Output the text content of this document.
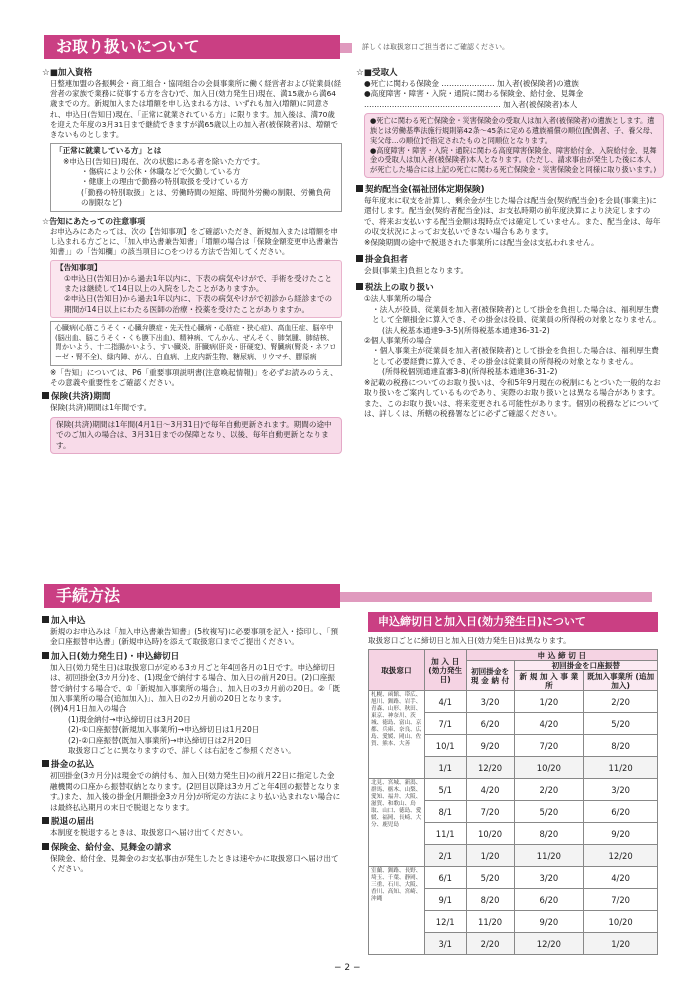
お取り扱いについて	詳しくは取扱窓口ご担当者にご確認ください。
☆ ■加入資格

日整連加盟の各振興会・商工組合・協同組合の会員事業所に働く経営者および従業員(経営者の家族で業務に従事する方を含む)で、加入日(効力発生日)現在、満15歳から満64歳までの方。新規加入または増額を申し込まれる方は、いずれも加入(増額)に同意され、申込日(告知日)現在、「正常に就業されている方」に限ります。加入後は、満70歳を迎えた年度の3月31日まで継続できますが満65歳以上の加入者(被保険者)は、増額できないものとします。

「正常に就業している方」とは
※申込日(告知日)現在、次の状態にある者を除いた方です。
・傷病により公休・休職などで欠勤している方
・健康上の理由で勤務の特別取扱を受けている方
(「勤務の特別取扱」とは、労働時間の短縮、時間外労働の制限、労働負荷の制限など)
☆告知にあたっての注意事項

お申込みにあたっては、次の【告知事項】をご確認いただき、新規加入または増額を申し込まれる方ごとに、「加入申込書兼告知書」「増額の場合は「保険金額変更申込書兼告知書」」の「告知欄」の該当項目に○をつける方法で告知してください。

【告知事項】
①申込日(告知日)から過去1年以内に、下表の病気やけがで、手術を受けたことまたは継続して14日以上の入院をしたことがありますか。
②申込日(告知日)から過去1年以内に、下表の病気やけがで初診から経診までの期間が14日以上にわたる医師の治療・投薬を受けたことがありますか。
心臓病(心筋こうそく・心臓弁膜症・先天性心臓病・心筋症・狭心症)、高血圧症、脳卒中(脳出血、脳こうそく・くも膜下出血)、精神病、てんかん、ぜんそく、肺気腫、肺結核、胃かいよう、十二指腸かいよう、すい臓炎、肝臓病(肝炎・肝硬変)、腎臓病(腎炎・ネフローゼ・腎不全)、緑内障、がん、白血病、上皮内新生物、糖尿病、リウマチ、膠原病

※「告知」については、P6「重要事項説明書(注意喚起情報)」を必ずお読みのうえ、その意義や重要性をご確認ください。

保険(共済)期間

保険(共済)期間は1年間です。

保険(共済)期間は1年間(4月1日〜3月31日)で毎年自動更新されます。期間の途中でのご加入の場合は、3月31日までの保障となり、以後、毎年自動更新となります。
☆ ■受取人
●死亡に関わる保険金 ………………… 加入者(被保険者)の遺族
●高度障害・障害・入院・通院に関わる保険金、給付金、見舞金
……………………………………………… 加入者(被保険者)本人
●死亡に関わる死亡保険金・災害保険金の受取人は加入者(被保険者)の遺族とします。遺族とは労働基準法施行規則第42条〜45条に定める遺族補償の順位[配偶者、子、養父母、実父母…の順位]で指定されたものと同順位となります。
●高度障害・障害・入院・通院に関わる高度障害保険金、障害給付金、入院給付金、見舞金の受取人は加入者(被保険者)本人となります。(ただし、請求事由が発生した後に本人が死亡した場合には上記の死亡に関わる死亡保険金・災害保険金と同様に取り扱います。)
契約配当金(福祉団体定期保険)

毎年度末に収支を計算し、剰余金が生じた場合は配当金(契約配当金)を会員(事業主)に還付します。配当金(契約者配当金)は、お支払時期の前年度決算により決定しますので、将来お支払いする配当金額は現時点では確定していません。また、配当金は、毎年の収支状況によってお支払いできない場合もあります。

※保険期間の途中で脱退された事業所には配当金は支払われません。

掛金負担者

会員(事業主)負担となります。

税法上の取り扱い

①法人事業所の場合

・法人が役員、従業員を加入者(被保険者)として掛金を負担した場合は、福利厚生費として全額損金に算入でき、その掛金は役員、従業員の所得税の対象となりません。

(法人税基本通達9-3-5)(所得税基本通達36-31-2)

②個人事業所の場合

・個人事業主が従業員を加入者(被保険者)として掛金を負担した場合は、福利厚生費として必要経費に算入でき、その掛金は従業員の所得税の対象となりません。

(所得税個別通達直審3-8)(所得税基本通達36-31-2)

※記載の税務についてのお取り扱いは、令和5年9月現在の税制にもとづいた一般的なお取り扱いをご案内しているものであり、実際のお取り扱いとは異なる場合があります。また、このお取り扱いは、将来変更される可能性があります。個別の税務などについては、詳しくは、所轄の税務署などに必ずご確認ください。

手続方法
加入申込

新規のお申込みは「加入申込書兼告知書」(5枚複写)に必要事項を記入・捺印し、「預金口座振替申込書」(新規申込時)を添えて取扱窓口までご提出ください。

加入日(効力発生日)・申込締切日

加入日(効力発生日)は取扱窓口が定める3カ月ごと年4回各月の1日です。申込締切日は、初回掛金(3カ月分)を、(1)現金で納付する場合、加入日の前月20日。(2)口座振替で納付する場合で、①「新規加入事業所の場合」、加入日の3カ月前の20日。②「既加入事業所の場合(追加加入)」、加入日の2カ月前の20日となります。

(例)4月1日加入の場合

(1)現金納付→申込締切日は3月20日

(2)-①口座振替(新規加入事業所)→申込締切日は1月20日

(2)-②口座振替(既加入事業所)→申込締切日は2月20日

取扱窓口ごとに異なりますので、詳しくは右記をご参照ください。

掛金の払込

初回掛金(3カ月分)は現金での納付も、加入日(効力発生日)の前月22日に指定した金融機関の口座から振替収納となります。(2回目以降は3カ月ごと年4回の振替となります。)また、加入後の掛金(月額掛金3カ月分)が所定の方法により払い込まれない場合には最終払込期月の末日で脱退となります。

脱退の届出

本制度を脱退するときは、取扱窓口へ届け出てください。

保険金、給付金、見舞金の請求

保険金、給付金、見舞金のお支払事由が発生したときは速やかに取扱窓口へ届け出てください。

申込締切日と加入日(効力発生日)について
取扱窓口ごとに締切日と加入日(効力発生日)は異なります。
取扱窓口	加 入 日 (効力発生日)	申 込 締 切 日		
		初回掛金を 現 金 納 付	初回掛金を口座振替	
			新 規 加 入 事 業 所	既加入事業所 (追加加入)
札幌、函館、帯広、旭川、釧路、岩手、青森、山形、秋田、東京、神奈川、茨城、徳島、富山、京都、兵庫、奈良、広島、愛媛、岡山、佐賀、熊本、大善	4/1	3/20	1/20	2/20
	7/1	6/20	4/20	5/20
	10/1	9/20	7/20	8/20
	1/1	12/20	10/20	11/20
北見、宮城、新潟、群馬、栃木、山梨、愛知、福井、大阪、滋賀、和歌山、鳥取、山口、徳島、愛媛、福岡、長崎、大分、鹿児島	5/1	4/20	2/20	3/20
	8/1	7/20	5/20	6/20
	11/1	10/20	8/20	9/20
	2/1	1/20	11/20	12/20
室蘭、釧路、長野、埼玉、千葉、静岡、三重、石川、大阪、香川、高知、宮崎、沖縄	6/1	5/20	3/20	4/20
	9/1	8/20	6/20	7/20
	12/1	11/20	9/20	10/20
	3/1	2/20	12/20	1/20
− 2 −
